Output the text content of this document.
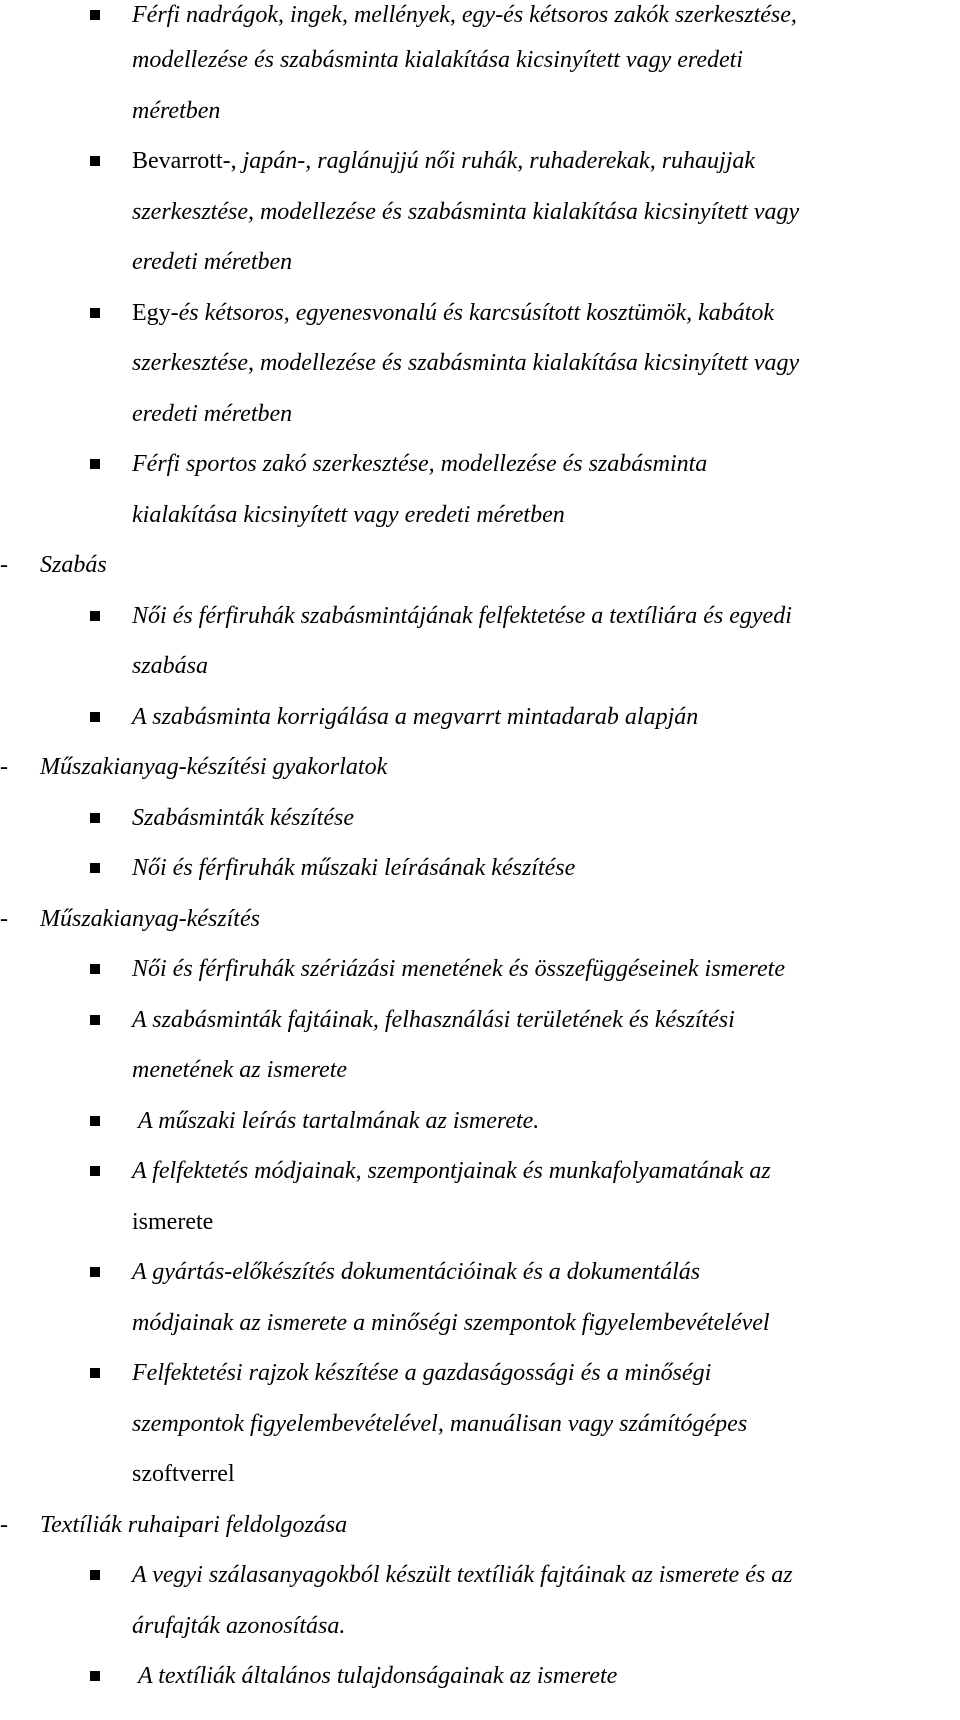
Férfi nadrágok, ingek, mellények, egy-és kétsoros zakók szerkesztése,
modellezése és szabásminta kialakítása kicsinyített vagy eredeti
méretben
Bevarrott-, japán-, raglánujjú női ruhák, ruhaderekak, ruhaujjak
szerkesztése, modellezése és szabásminta kialakítása kicsinyített vagy
eredeti méretben
Egy-és kétsoros, egyenesvonalú és karcsúsított kosztümök, kabátok
szerkesztése, modellezése és szabásminta kialakítása kicsinyített vagy
eredeti méretben
Férfi sportos zakó szerkesztése, modellezése és szabásminta
kialakítása kicsinyített vagy eredeti méretben
- Szabás
Női és férfiruhák szabásmintájának felfektetése a textíliára és egyedi
szabása
A szabásminta korrigálása a megvarrt mintadarab alapján
- Műszakianyag-készítési gyakorlatok
Szabásminták készítése
Női és férfiruhák műszaki leírásának készítése
- Műszakianyag-készítés
Női és férfiruhák szériázási menetének és összefüggéseinek ismerete
A szabásminták fajtáinak, felhasználási területének és készítési
menetének az ismerete
A műszaki leírás tartalmának az ismerete.
A felfektetés módjainak, szempontjainak és munkafolyamatának az
ismerete
A gyártás-előkészítés dokumentációinak és a dokumentálás
módjainak az ismerete a minőségi szempontok figyelembevételével
Felfektetési rajzok készítése a gazdaságossági és a minőségi
szempontok figyelembevételével, manuálisan vagy számítógépes
szoftverrel
- Textíliák ruhaipari feldolgozása
A vegyi szálasanyagokból készült textíliák fajtáinak az ismerete és az
árufajták azonosítása.
A textíliák általános tulajdonságainak az ismerete
